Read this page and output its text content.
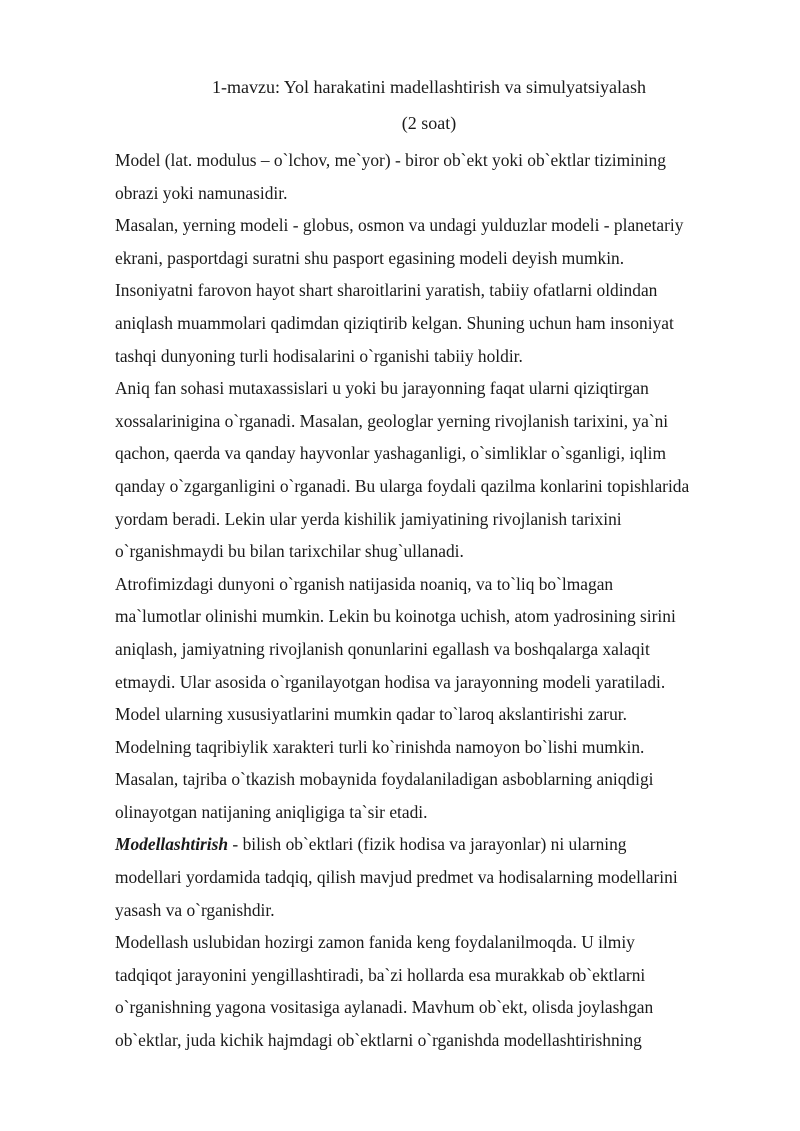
1-mavzu: Yol harakatini madellashtirish va simulyatsiyalash
(2 soat)
Model (lat. modulus – o`lchov, me`yor) - biror ob`ekt yoki ob`ektlar tizimining
obrazi yoki namunasidir.
Masalan, yerning modeli - globus, osmon va undagi yulduzlar modeli - planetariy
ekrani, pasportdagi suratni shu pasport egasining modeli deyish mumkin.
Insoniyatni farovon hayot shart sharoitlarini yaratish, tabiiy ofatlarni oldindan
aniqlash muammolari qadimdan qiziqtirib kelgan. Shuning uchun ham insoniyat
tashqi dunyoning turli hodisalarini o`rganishi tabiiy holdir.
Aniq fan sohasi mutaxassislari u yoki bu jarayonning faqat ularni qiziqtirgan
xossalarinigina o`rganadi. Masalan, geologlar yerning rivojlanish tarixini, ya`ni
qachon, qaerda va qanday hayvonlar yashaganligi, o`simliklar o`sganligi, iqlim
qanday o`zgarganligini o`rganadi. Bu ularga foydali qazilma konlarini topishlarida
yordam beradi. Lekin ular yerda kishilik jamiyatining rivojlanish tarixini
o`rganishmaydi bu bilan tarixchilar shug`ullanadi.
Atrofimizdagi dunyoni o`rganish natijasida noaniq, va to`liq bo`lmagan
ma`lumotlar olinishi mumkin. Lekin bu koinotga uchish, atom yadrosining sirini
aniqlash, jamiyatning rivojlanish qonunlarini egallash va boshqalarga xalaqit
etmaydi. Ular asosida o`rganilayotgan hodisa va jarayonning modeli yaratiladi.
Model ularning xususiyatlarini mumkin qadar to`laroq akslantirishi zarur.
Modelning taqribiylik xarakteri turli ko`rinishda namoyon bo`lishi mumkin.
Masalan, tajriba o`tkazish mobaynida foydalaniladigan asboblarning aniqdigi
olinayotgan natijaning aniqligiga ta`sir etadi.
Modellashtirish - bilish ob`ektlari (fizik hodisa va jarayonlar) ni ularning
modellari yordamida tadqiq, qilish mavjud predmet va hodisalarning modellarini
yasash va o`rganishdir.
Modellash uslubidan hozirgi zamon fanida keng foydalanilmoqda. U ilmiy
tadqiqot jarayonini yengillashtiradi, ba`zi hollarda esa murakkab ob`ektlarni
o`rganishning yagona vositasiga aylanadi. Mavhum ob`ekt, olisda joylashgan
ob`ektlar, juda kichik hajmdagi ob`ektlarni o`rganishda modellashtirishning
